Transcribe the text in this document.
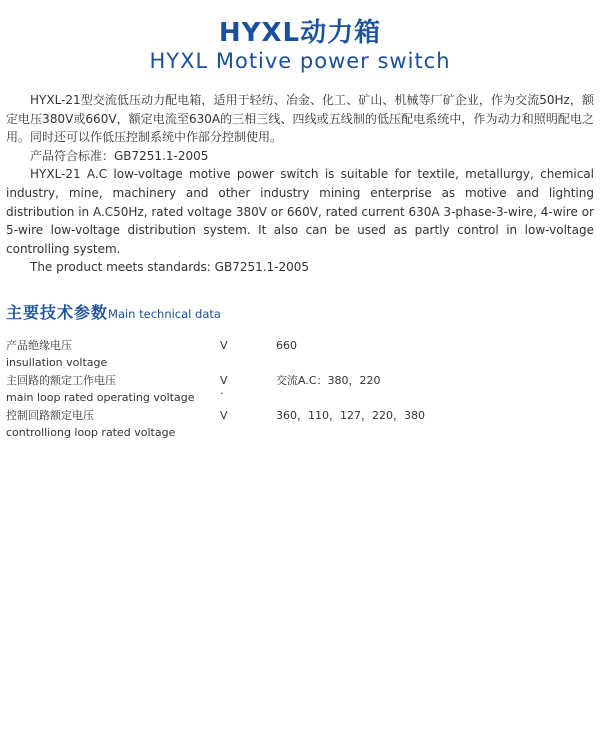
HYXL动力箱
HYXL Motive power switch

HYXL-21型交流低压动力配电箱，适用于轻纺、冶金、化工、矿山、机械等厂矿企业，作为交流50Hz，额定电压380V或660V，额定电流至630A的三相三线、四线或五线制的低压配电系统中，作为动力和照明配电之用。同时还可以作低压控制系统中作部分控制使用。

产品符合标准：GB7251.1-2005

HYXL-21 A.C low-voltage motive power switch is suitable for textile, metallurgy, chemical industry, mine, machinery and other industry mining enterprise as motive and lighting distribution in A.C50Hz, rated voltage 380V or 660V, rated current 630A 3-phase-3-wire, 4-wire or 5-wire low-voltage distribution system. It also can be used as partly control in low-voltage controlling system.

The product meets standards: GB7251.1-2005

主要技术参数Main technical data
产品绝缘电压
insullation voltage
V	660
主回路的额定工作电压
main loop rated operating voltage
V
.
交流A.C：380，220
控制回路额定电压
controlliong loop rated voltage
V	360，110，127，220，380
